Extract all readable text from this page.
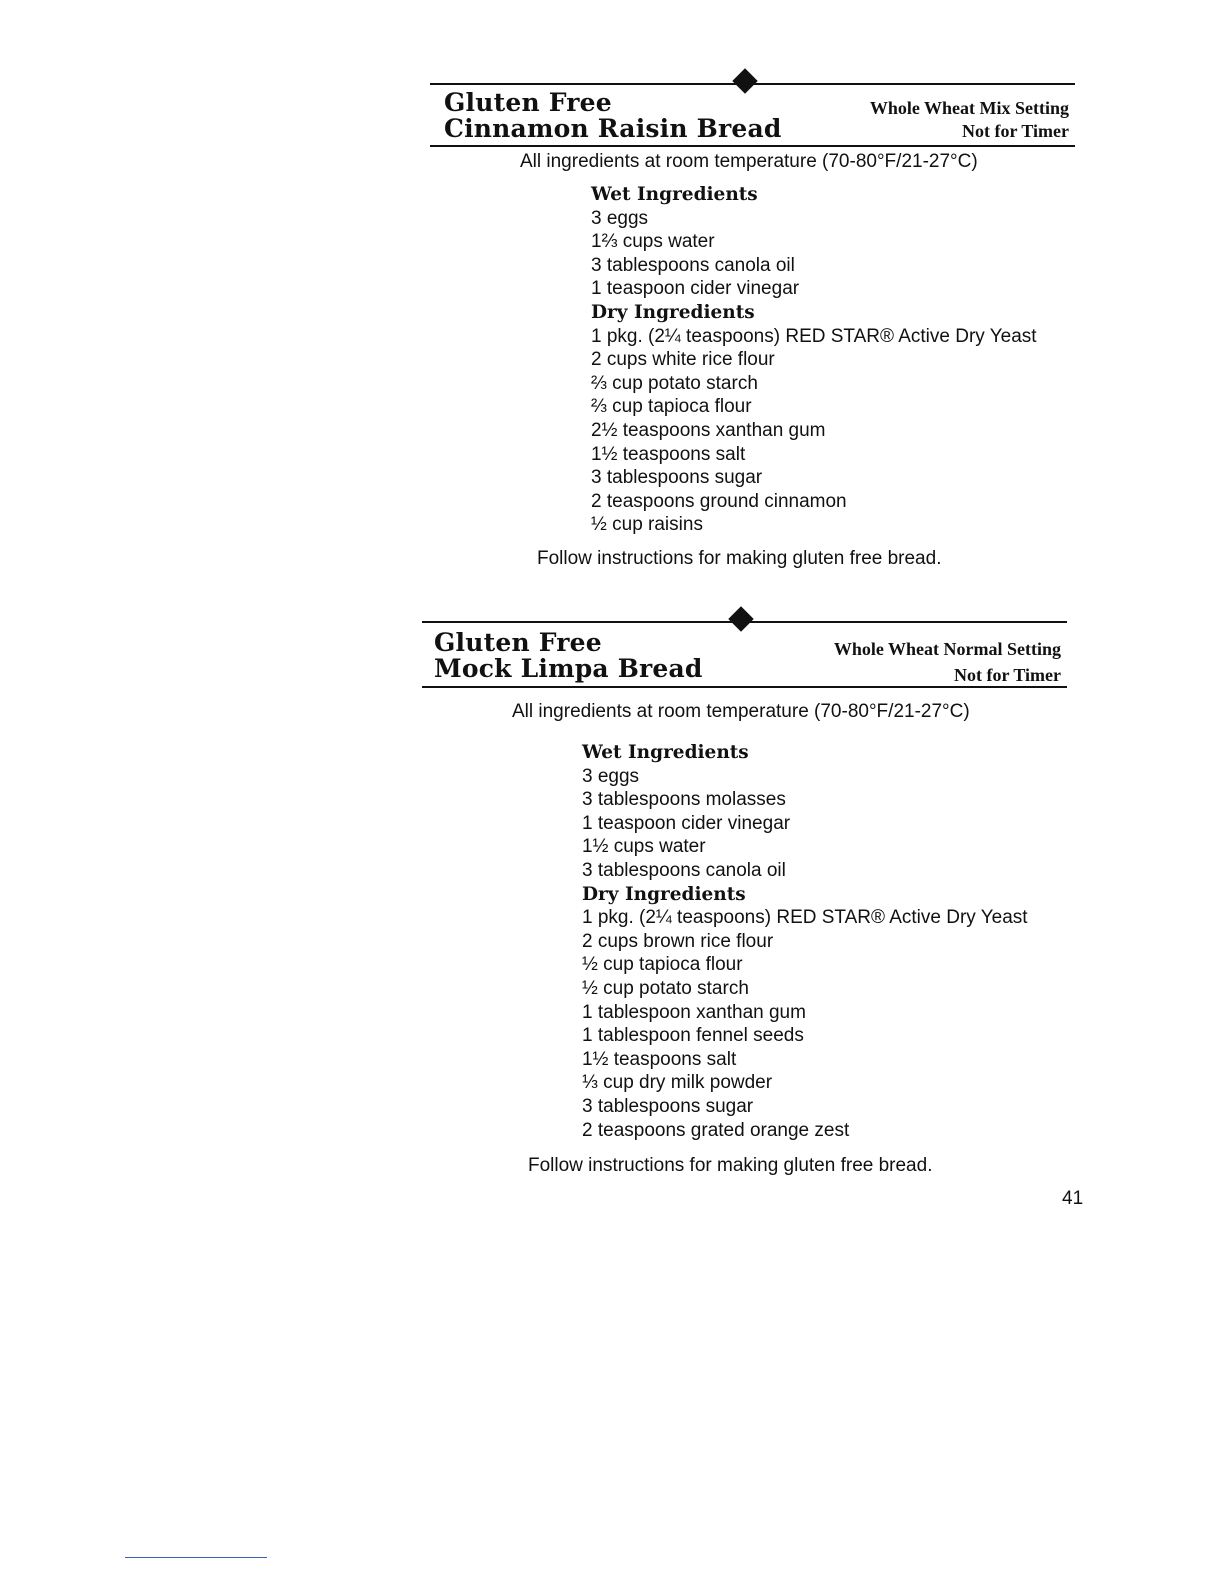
Gluten Free
Cinnamon Raisin Bread
Whole Wheat Mix Setting
Not for Timer
All ingredients at room temperature (70-80°F/21-27°C)
Wet Ingredients
3 eggs
1⅔ cups water
3 tablespoons canola oil
1 teaspoon cider vinegar
Dry Ingredients
1 pkg. (2¼ teaspoons) RED STAR® Active Dry Yeast
2 cups white rice flour
⅔ cup potato starch
⅔ cup tapioca flour
2½ teaspoons xanthan gum
1½ teaspoons salt
3 tablespoons sugar
2 teaspoons ground cinnamon
½ cup raisins
Follow instructions for making gluten free bread.
Gluten Free
Mock Limpa Bread
Whole Wheat Normal Setting
Not for Timer
All ingredients at room temperature (70-80°F/21-27°C)
Wet Ingredients
3 eggs
3 tablespoons molasses
1 teaspoon cider vinegar
1½ cups water
3 tablespoons canola oil
Dry Ingredients
1 pkg. (2¼ teaspoons) RED STAR® Active Dry Yeast
2 cups brown rice flour
½ cup tapioca flour
½ cup potato starch
1 tablespoon xanthan gum
1 tablespoon fennel seeds
1½ teaspoons salt
⅓ cup dry milk powder
3 tablespoons sugar
2 teaspoons grated orange zest
Follow instructions for making gluten free bread.
41
